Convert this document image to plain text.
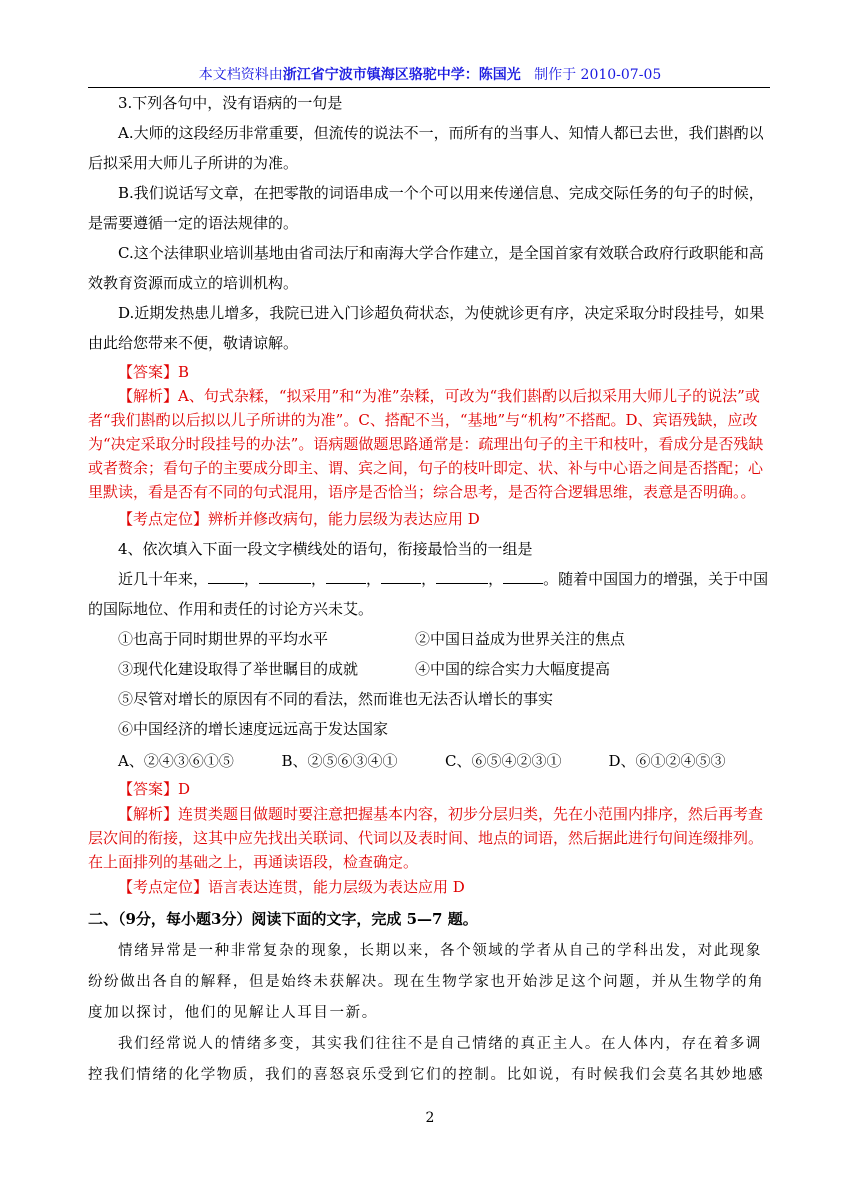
本文档资料由浙江省宁波市镇海区骆驼中学：陈国光 制作于 2010-07-05

3.下列各句中，没有语病的一句是

A.大师的这段经历非常重要，但流传的说法不一，而所有的当事人、知情人都已去世，我们斟酌以后拟采用大师儿子所讲的为准。

B.我们说话写文章，在把零散的词语串成一个个可以用来传递信息、完成交际任务的句子的时候，是需要遵循一定的语法规律的。

C.这个法律职业培训基地由省司法厅和南海大学合作建立，是全国首家有效联合政府行政职能和高效教育资源而成立的培训机构。

D.近期发热患儿增多，我院已进入门诊超负荷状态，为使就诊更有序，决定采取分时段挂号，如果由此给您带来不便，敬请谅解。

【答案】B

【解析】A、句式杂糅，“拟采用”和“为准”杂糅，可改为“我们斟酌以后拟采用大师儿子的说法”或者“我们斟酌以后拟以儿子所讲的为准”。C、搭配不当，“基地”与“机构”不搭配。D、宾语残缺，应改为“决定采取分时段挂号的办法”。语病题做题思路通常是：疏理出句子的主干和枝叶，看成分是否残缺或者赘余；看句子的主要成分即主、谓、宾之间，句子的枝叶即定、状、补与中心语之间是否搭配；心里默读，看是否有不同的句式混用，语序是否恰当；综合思考，是否符合逻辑思维，表意是否明确。。

【考点定位】辨析并修改病句，能力层级为表达应用 D

4、依次填入下面一段文字横线处的语句，衔接最恰当的一组是

近几十年来， ，	，	，	，	，	。随着中国国力的增强，关于中国的国际地位、作用和责任的讨论方兴未艾。

①也高于同时期世界的平均水平	②中国日益成为世界关注的焦点
③现代化建设取得了举世瞩目的成就	④中国的综合实力大幅度提高
⑤尽管对增长的原因有不同的看法，然而谁也无法否认增长的事实
⑥中国经济的增长速度远远高于发达国家
A、②④③⑥①⑤	B、②⑤⑥③④①	C、⑥⑤④②③①	D、⑥①②④⑤③

【答案】D

【解析】连贯类题目做题时要注意把握基本内容，初步分层归类，先在小范围内排序，然后再考查层次间的衔接，这其中应先找出关联词、代词以及表时间、地点的词语，然后据此进行句间连缀排列。在上面排列的基础之上，再通读语段，检查确定。

【考点定位】语言表达连贯，能力层级为表达应用 D

二、（9分，每小题3分）阅读下面的文字，完成 5—7 题。

情绪异常是一种非常复杂的现象，长期以来，各个领域的学者从自己的学科出发，对此现象纷纷做出各自的解释，但是始终未获解决。现在生物学家也开始涉足这个问题，并从生物学的角度加以探讨，他们的见解让人耳目一新。

我们经常说人的情绪多变，其实我们往往不是自己情绪的真正主人。在人体内，存在着多调控我们情绪的化学物质，我们的喜怒哀乐受到它们的控制。比如说，有时候我们会莫名其妙地感

2
